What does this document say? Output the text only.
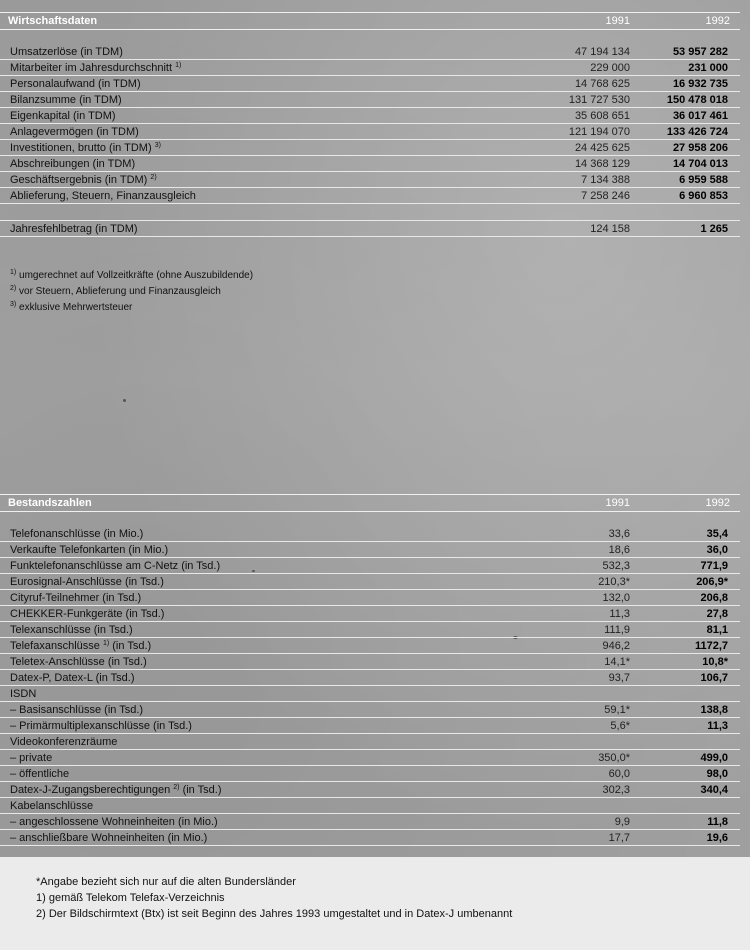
Wirtschaftsdaten	1991	1992
Umsatzerlöse (in TDM)	47 194 134	53 957 282
Mitarbeiter im Jahresdurchschnitt $^{1)}$	229 000	231 000
Personalaufwand (in TDM)	14 768 625	16 932 735
Bilanzsumme (in TDM)	131 727 530	150 478 018
Eigenkapital (in TDM)	35 608 651	36 017 461
Anlagevermögen (in TDM)	121 194 070	133 426 724
Investitionen, brutto (in TDM) $^{3)}$	24 425 625	27 958 206
Abschreibungen (in TDM)	14 368 129	14 704 013
Geschäftsergebnis (in TDM) $^{2)}$	7 134 388	6 959 588
Ablieferung, Steuern, Finanzausgleich	7 258 246	6 960 853
Jahresfehlbetrag (in TDM)	124 158	1 265
$^{1)}$ umgerechnet auf Vollzeitkräfte (ohne Auszubildende)
$^{2)}$ vor Steuern, Ablieferung und Finanzausgleich
$^{3)}$ exklusive Mehrwertsteuer
Bestandszahlen	1991	1992
Telefonanschlüsse (in Mio.)	33,6	35,4
Verkaufte Telefonkarten (in Mio.)	18,6	36,0
Funktelefonanschlüsse am C-Netz (in Tsd.)	532,3	771,9
Eurosignal-Anschlüsse (in Tsd.)	210,3*	206,9*
Cityruf-Teilnehmer (in Tsd.)	132,0	206,8
CHEKKER-Funkgeräte (in Tsd.)	11,3	27,8
Telexanschlüsse (in Tsd.)	111,9	81,1
Telefaxanschlüsse $^{1)}$ (in Tsd.)	946,2	1172,7
Teletex-Anschlüsse (in Tsd.)	14,1*	10,8*
Datex-P, Datex-L (in Tsd.)	93,7	106,7
ISDN
– Basisanschlüsse (in Tsd.)	59,1*	138,8
– Primärmultiplexanschlüsse (in Tsd.)	5,6*	11,3
Videokonferenzräume
– private	350,0*	499,0
– öffentliche	60,0	98,0
Datex-J-Zugangsberechtigungen $^{2)}$ (in Tsd.)	302,3	340,4
Kabelanschlüsse
– angeschlossene Wohneinheiten (in Mio.)	9,9	11,8
– anschließbare Wohneinheiten (in Mio.)	17,7	19,6
*Angabe bezieht sich nur auf die alten Bundersländer
1) gemäß Telekom Telefax-Verzeichnis
2) Der Bildschirmtext (Btx) ist seit Beginn des Jahres 1993 umgestaltet und in Datex-J umbenannt
